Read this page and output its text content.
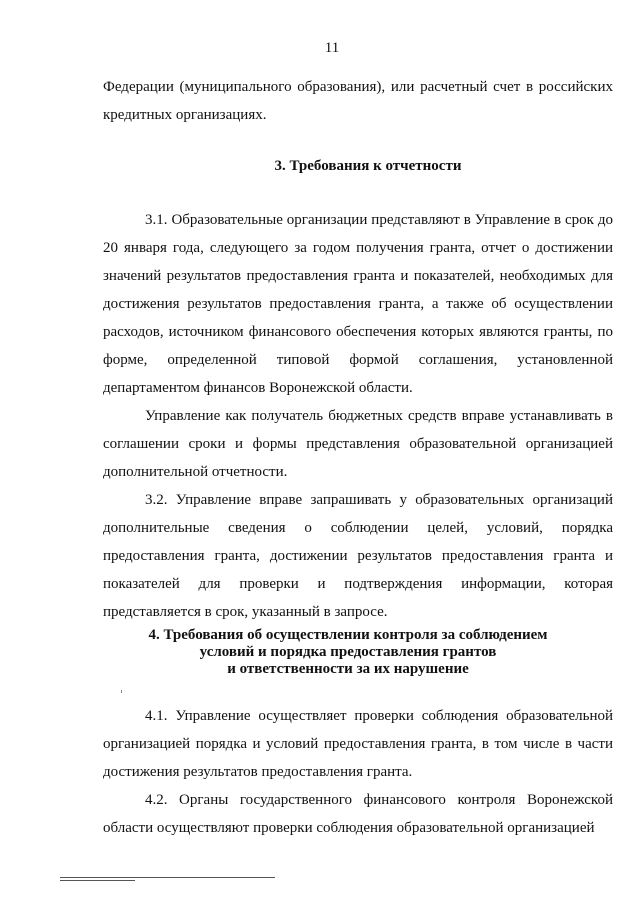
11

Федерации (муниципального образования), или расчетный счет в российских кредитных организациях.

3. Требования к отчетности

3.1. Образовательные организации представляют в Управление в срок до 20 января года, следующего за годом получения гранта, отчет о достижении значений результатов предоставления гранта и показателей, необходимых для достижения результатов предоставления гранта, а также об осуществлении расходов, источником финансового обеспечения которых являются гранты, по форме, определенной типовой формой соглашения, установленной департаментом финансов Воронежской области.

Управление как получатель бюджетных средств вправе устанавливать в соглашении сроки и формы представления образовательной организацией дополнительной отчетности.

3.2. Управление вправе запрашивать у образовательных организаций дополнительные сведения о соблюдении целей, условий, порядка предоставления гранта, достижении результатов предоставления гранта и показателей для проверки и подтверждения информации, которая представляется в срок, указанный в запросе.

4. Требования об осуществлении контроля за соблюдением
условий и порядка предоставления грантов
и ответственности за их нарушение

4.1. Управление осуществляет проверки соблюдения образовательной организацией порядка и условий предоставления гранта, в том числе в части достижения результатов предоставления гранта.

4.2. Органы государственного финансового контроля Воронежской области осуществляют проверки соблюдения образовательной организацией
